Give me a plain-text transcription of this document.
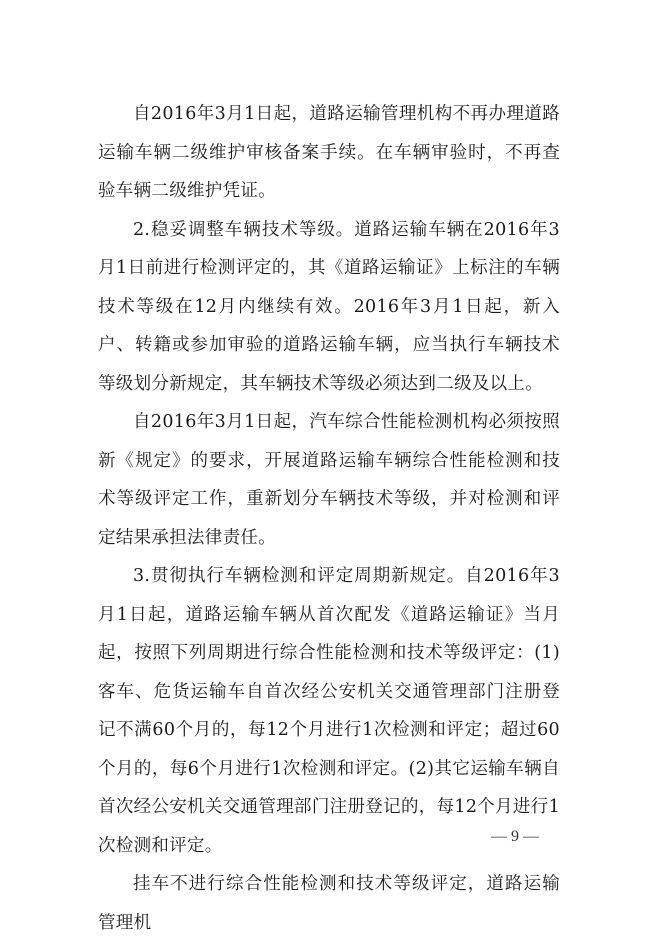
自2016年3月1日起，道路运输管理机构不再办理道路运输车辆二级维护审核备案手续。在车辆审验时，不再查验车辆二级维护凭证。

2.稳妥调整车辆技术等级。道路运输车辆在2016年3月1日前进行检测评定的，其《道路运输证》上标注的车辆技术等级在12月内继续有效。2016年3月1日起，新入户、转籍或参加审验的道路运输车辆，应当执行车辆技术等级划分新规定，其车辆技术等级必须达到二级及以上。

自2016年3月1日起，汽车综合性能检测机构必须按照新《规定》的要求，开展道路运输车辆综合性能检测和技术等级评定工作，重新划分车辆技术等级，并对检测和评定结果承担法律责任。

3.贯彻执行车辆检测和评定周期新规定。自2016年3月1日起，道路运输车辆从首次配发《道路运输证》当月起，按照下列周期进行综合性能检测和技术等级评定：(1)客车、危货运输车自首次经公安机关交通管理部门注册登记不满60个月的，每12个月进行1次检测和评定；超过60个月的，每6个月进行1次检测和评定。(2)其它运输车辆自首次经公安机关交通管理部门注册登记的，每12个月进行1次检测和评定。

挂车不进行综合性能检测和技术等级评定，道路运输管理机

— 9 —
